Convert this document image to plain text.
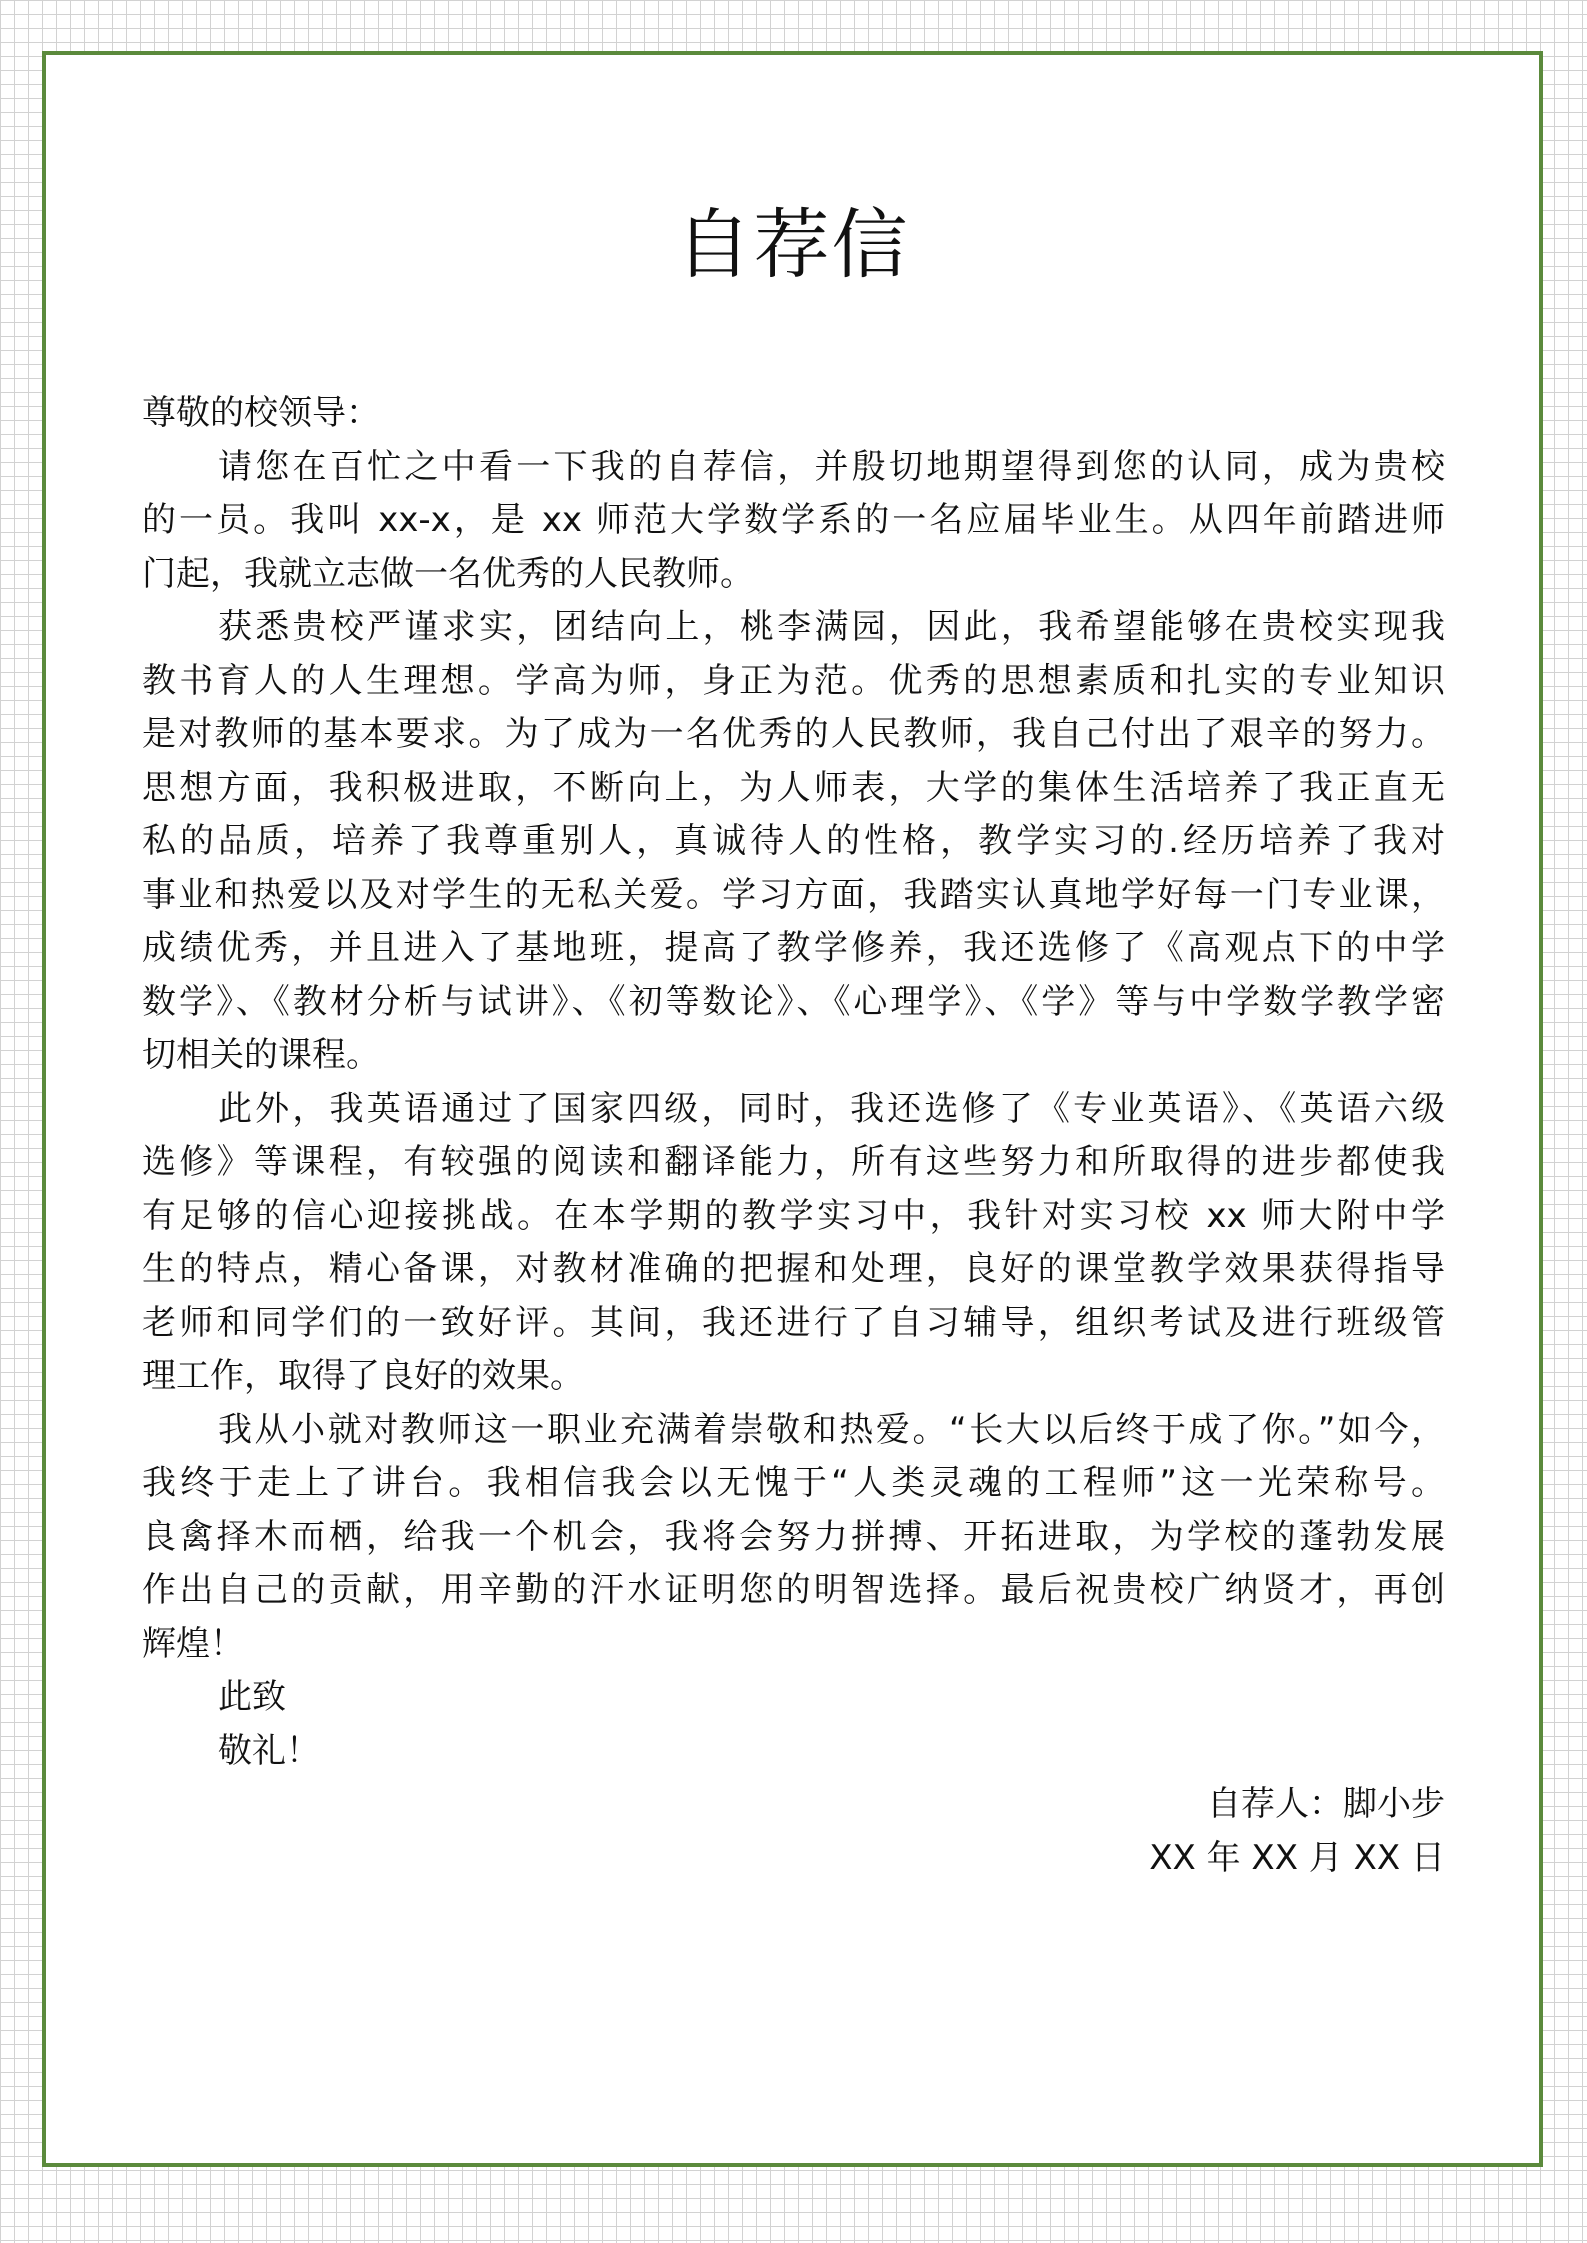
自荐信
尊敬的校领导：
请您在百忙之中看一下我的自荐信，并殷切地期望得到您的认同，成为贵校
的一员。我叫 xx-x，是 xx 师范大学数学系的一名应届毕业生。从四年前踏进师
门起，我就立志做一名优秀的人民教师。
获悉贵校严谨求实，团结向上，桃李满园，因此，我希望能够在贵校实现我
教书育人的人生理想。学高为师，身正为范。优秀的思想素质和扎实的专业知识
是对教师的基本要求。为了成为一名优秀的人民教师，我自己付出了艰辛的努力。
思想方面，我积极进取，不断向上，为人师表，大学的集体生活培养了我正直无
私的品质，培养了我尊重别人，真诚待人的性格，教学实习的.经历培养了我对
事业和热爱以及对学生的无私关爱。学习方面，我踏实认真地学好每一门专业课，
成绩优秀，并且进入了基地班，提高了教学修养，我还选修了《高观点下的中学
数学》、《教材分析与试讲》、《初等数论》、《心理学》、《学》等与中学数学教学密
切相关的课程。
此外，我英语通过了国家四级，同时，我还选修了《专业英语》、《英语六级
选修》等课程，有较强的阅读和翻译能力，所有这些努力和所取得的进步都使我
有足够的信心迎接挑战。在本学期的教学实习中，我针对实习校 xx 师大附中学
生的特点，精心备课，对教材准确的把握和处理，良好的课堂教学效果获得指导
老师和同学们的一致好评。其间，我还进行了自习辅导，组织考试及进行班级管
理工作，取得了良好的效果。
我从小就对教师这一职业充满着崇敬和热爱。“长大以后终于成了你。”如今，
我终于走上了讲台。我相信我会以无愧于“人类灵魂的工程师”这一光荣称号。
良禽择木而栖，给我一个机会，我将会努力拼搏、开拓进取，为学校的蓬勃发展
作出自己的贡献，用辛勤的汗水证明您的明智选择。最后祝贵校广纳贤才，再创
辉煌！
此致
敬礼！
自荐人：脚小步
XX 年 XX 月 XX 日
